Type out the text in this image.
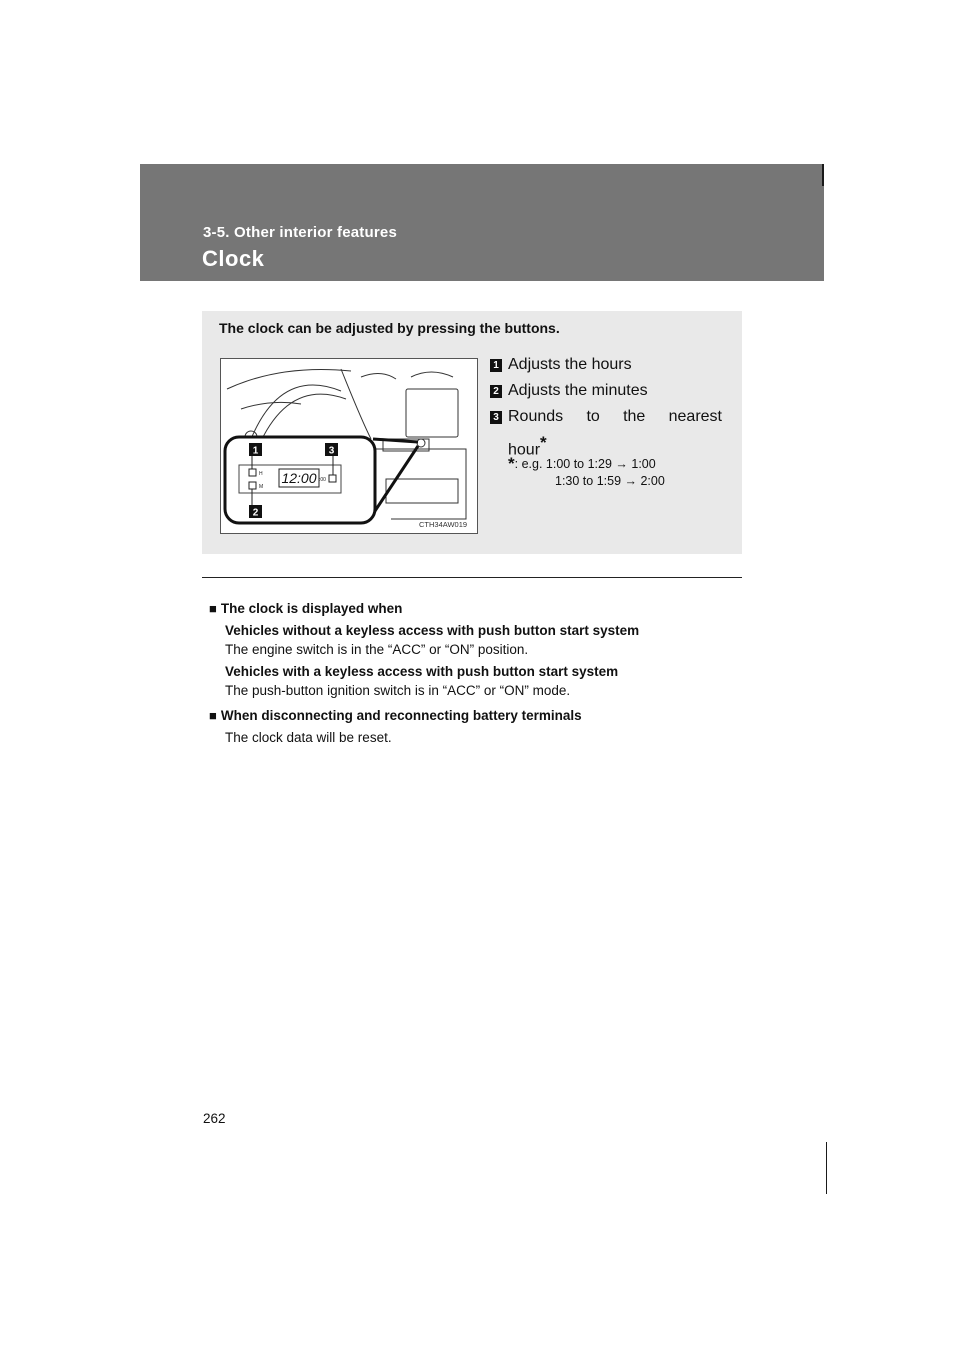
3-5. Other interior features
Clock
The clock can be adjusted by pressing the buttons.
1
2
3
12:00
H
M
:00
CTH34AW019
1 Adjusts the hours
2 Adjusts the minutes
3 Rounds to the nearest
hour*
*: e.g. 1:00 to 1:29 → 1:00
1:30 to 1:59 → 2:00
■ The clock is displayed when
Vehicles without a keyless access with push button start system
The engine switch is in the “ACC” or “ON” position.
Vehicles with a keyless access with push button start system
The push-button ignition switch is in “ACC” or “ON” mode.
■ When disconnecting and reconnecting battery terminals
The clock data will be reset.
262
